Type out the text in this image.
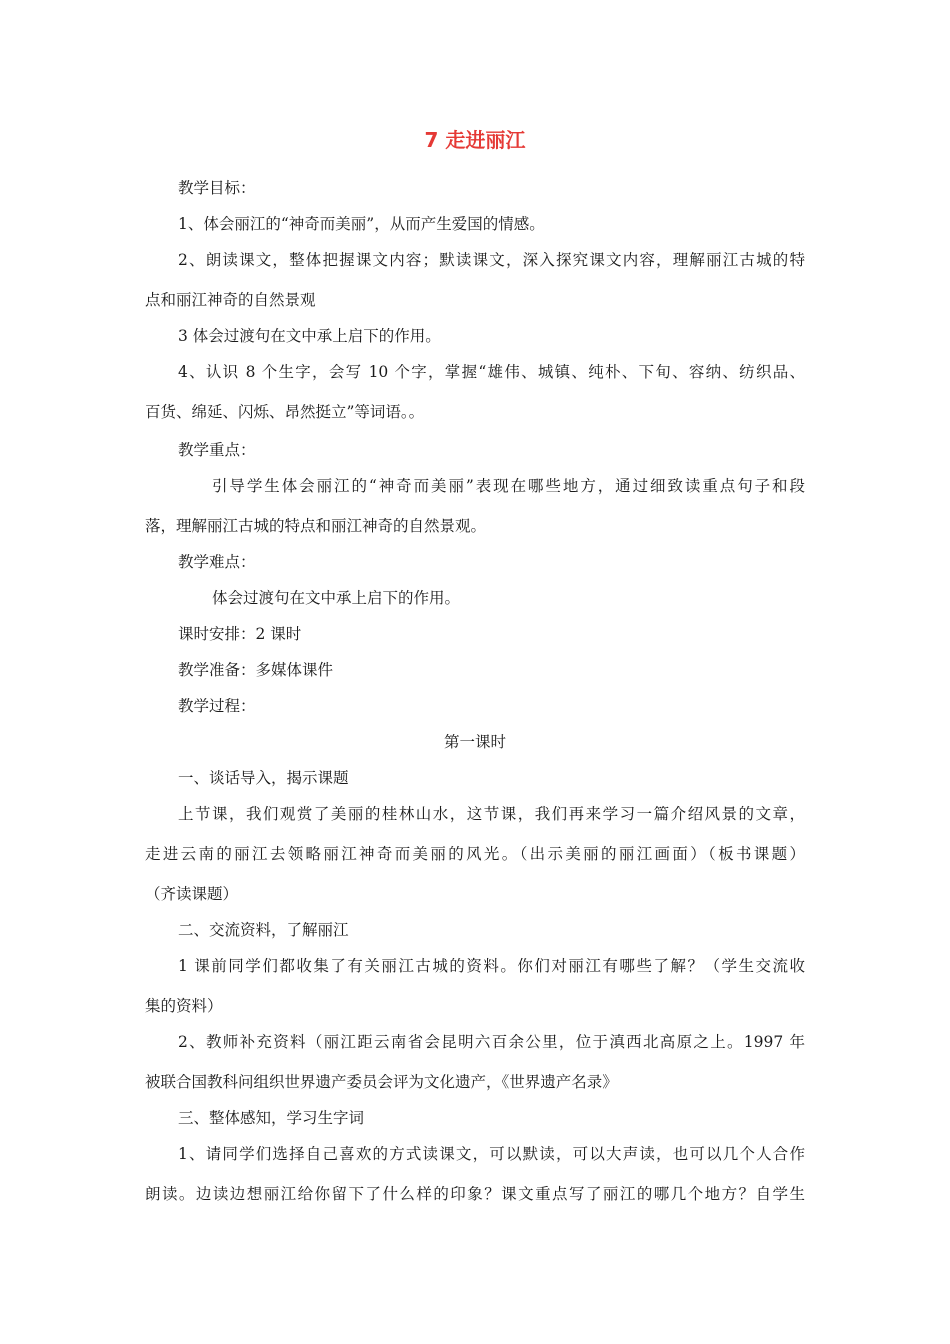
7 走进丽江

教学目标：

1、体会丽江的“神奇而美丽”，从而产生爱国的情感。

2、朗读课文，整体把握课文内容；默读课文，深入探究课文内容，理解丽江古城的特

点和丽江神奇的自然景观

3 体会过渡句在文中承上启下的作用。

4、认识 8 个生字，会写 10 个字，掌握“雄伟、城镇、纯朴、下旬、容纳、纺织品、

百货、绵延、闪烁、昂然挺立”等词语。。

教学重点：

引导学生体会丽江的“神奇而美丽”表现在哪些地方，通过细致读重点句子和段

落，理解丽江古城的特点和丽江神奇的自然景观。

教学难点：

体会过渡句在文中承上启下的作用。

课时安排：2 课时

教学准备：多媒体课件

教学过程：

第一课时

一、谈话导入，揭示课题

上节课，我们观赏了美丽的桂林山水，这节课，我们再来学习一篇介绍风景的文章，

走进云南的丽江去领略丽江神奇而美丽的风光。（出示美丽的丽江画面）（板书课题）

（齐读课题）

二、交流资料，了解丽江

1 课前同学们都收集了有关丽江古城的资料。你们对丽江有哪些了解？（学生交流收

集的资料）

2、教师补充资料（丽江距云南省会昆明六百余公里，位于滇西北高原之上。1997 年

被联合国教科问组织世界遗产委员会评为文化遗产，《世界遗产名录》

三、整体感知，学习生字词

1、请同学们选择自己喜欢的方式读课文，可以默读，可以大声读，也可以几个人合作

朗读。边读边想丽江给你留下了什么样的印象？课文重点写了丽江的哪几个地方？自学生
